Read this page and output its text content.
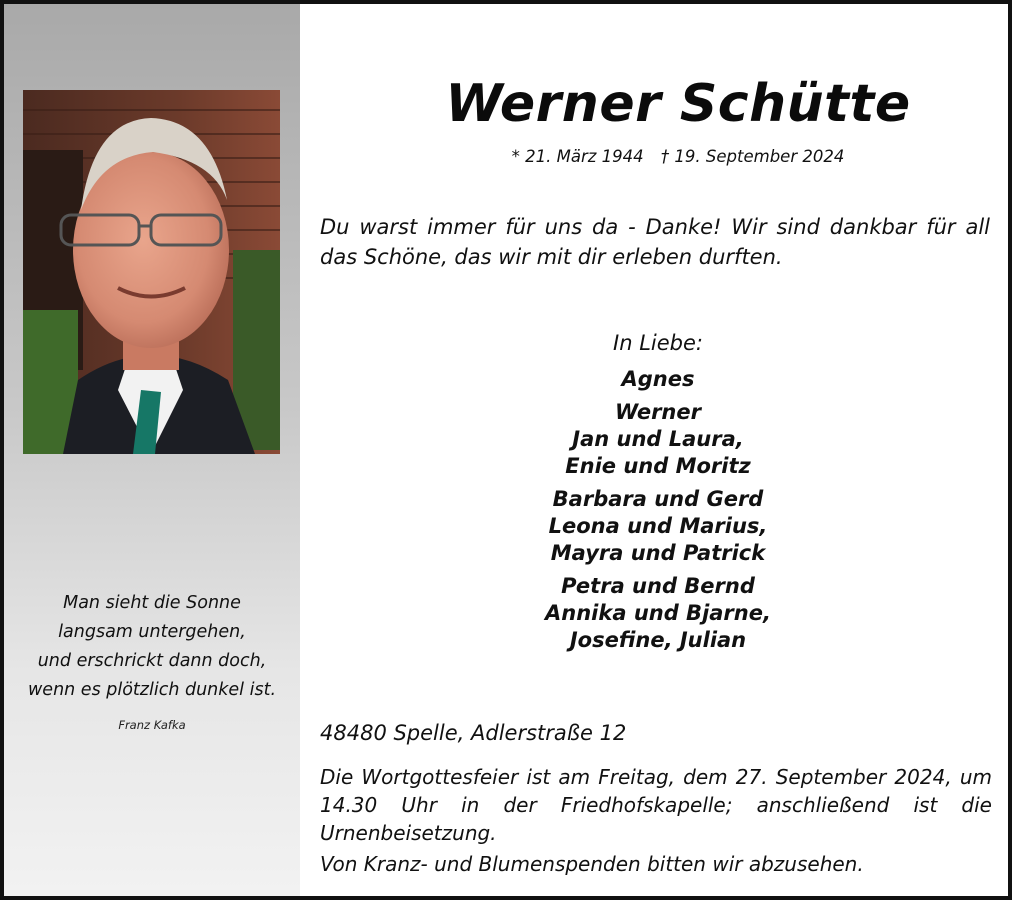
Man sieht die Sonne
langsam untergehen,
und erschrickt dann doch,
wenn es plötzlich dunkel ist.
Franz Kafka
Werner Schütte
* 21. März 1944 † 19. September 2024
Du warst immer für uns da - Danke! Wir sind dankbar für all das Schöne, das wir mit dir erleben durften.
In Liebe:
Agnes
Werner
Jan und Laura,
Enie und Moritz
Barbara und Gerd
Leona und Marius,
Mayra und Patrick
Petra und Bernd
Annika und Bjarne,
Josefine, Julian
48480 Spelle, Adlerstraße 12
Die Wortgottesfeier ist am Freitag, dem 27. September 2024, um 14.30 Uhr in der Friedhofskapelle; anschließend ist die Urnenbeisetzung.
Von Kranz- und Blumenspenden bitten wir abzusehen.
